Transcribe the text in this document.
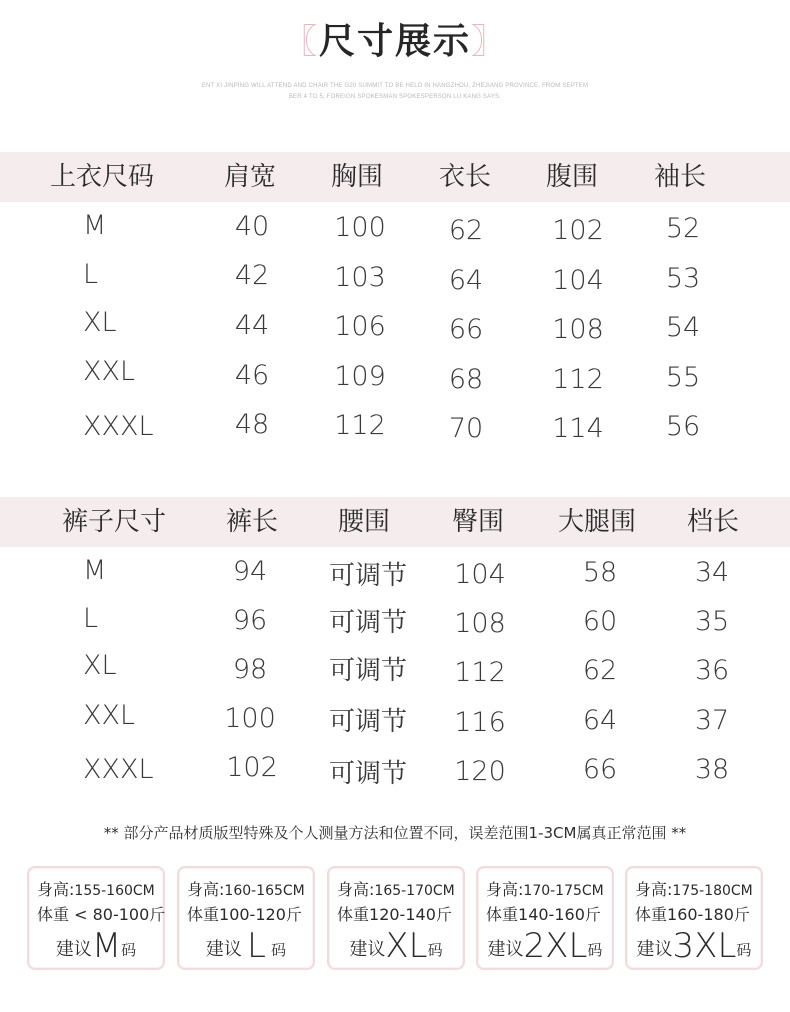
〖尺寸展示〗
ENT XI JINPING WILL ATTEND AND CHAIR THE G20 SUMMIT TO BE HELD IN HANGZHOU, ZHEJIANG PROVINCE, FROM SEPTEM
BER 4 TO 5, FOREIGN SPOKESMAN SPOKESPERSON LU KANG SAYS.
上衣尺码	肩宽 胸围 衣长 腹围 袖长
M	40 100 62	102 52
L	42 103 64	104 53
XL	44 106 66	108 54
XXL	46 109 68	112 55
XXXL	48 112 70	114 56
裤子尺寸 裤长 腰围 臀围 大腿围 档长
M	94 可调节 104	58	34
L	96 可调节 108	60	35
XL	98 可调节 112	62	36
XXL	100 可调节 116	64	37
XXXL	102 可调节 120	66	38
** 部分产品材质版型特殊及个人测量方法和位置不同，误差范围1-3CM属真正常范围 **
身高:155-160CM
体重 < 80-100斤
建议M码
身高:160-165CM
体重100-120斤
建议 L 码
身高:165-170CM
体重120-140斤
建议XL码
身高:170-175CM
体重140-160斤
建议2XL码
身高:175-180CM
体重160-180斤
建议3XL码
